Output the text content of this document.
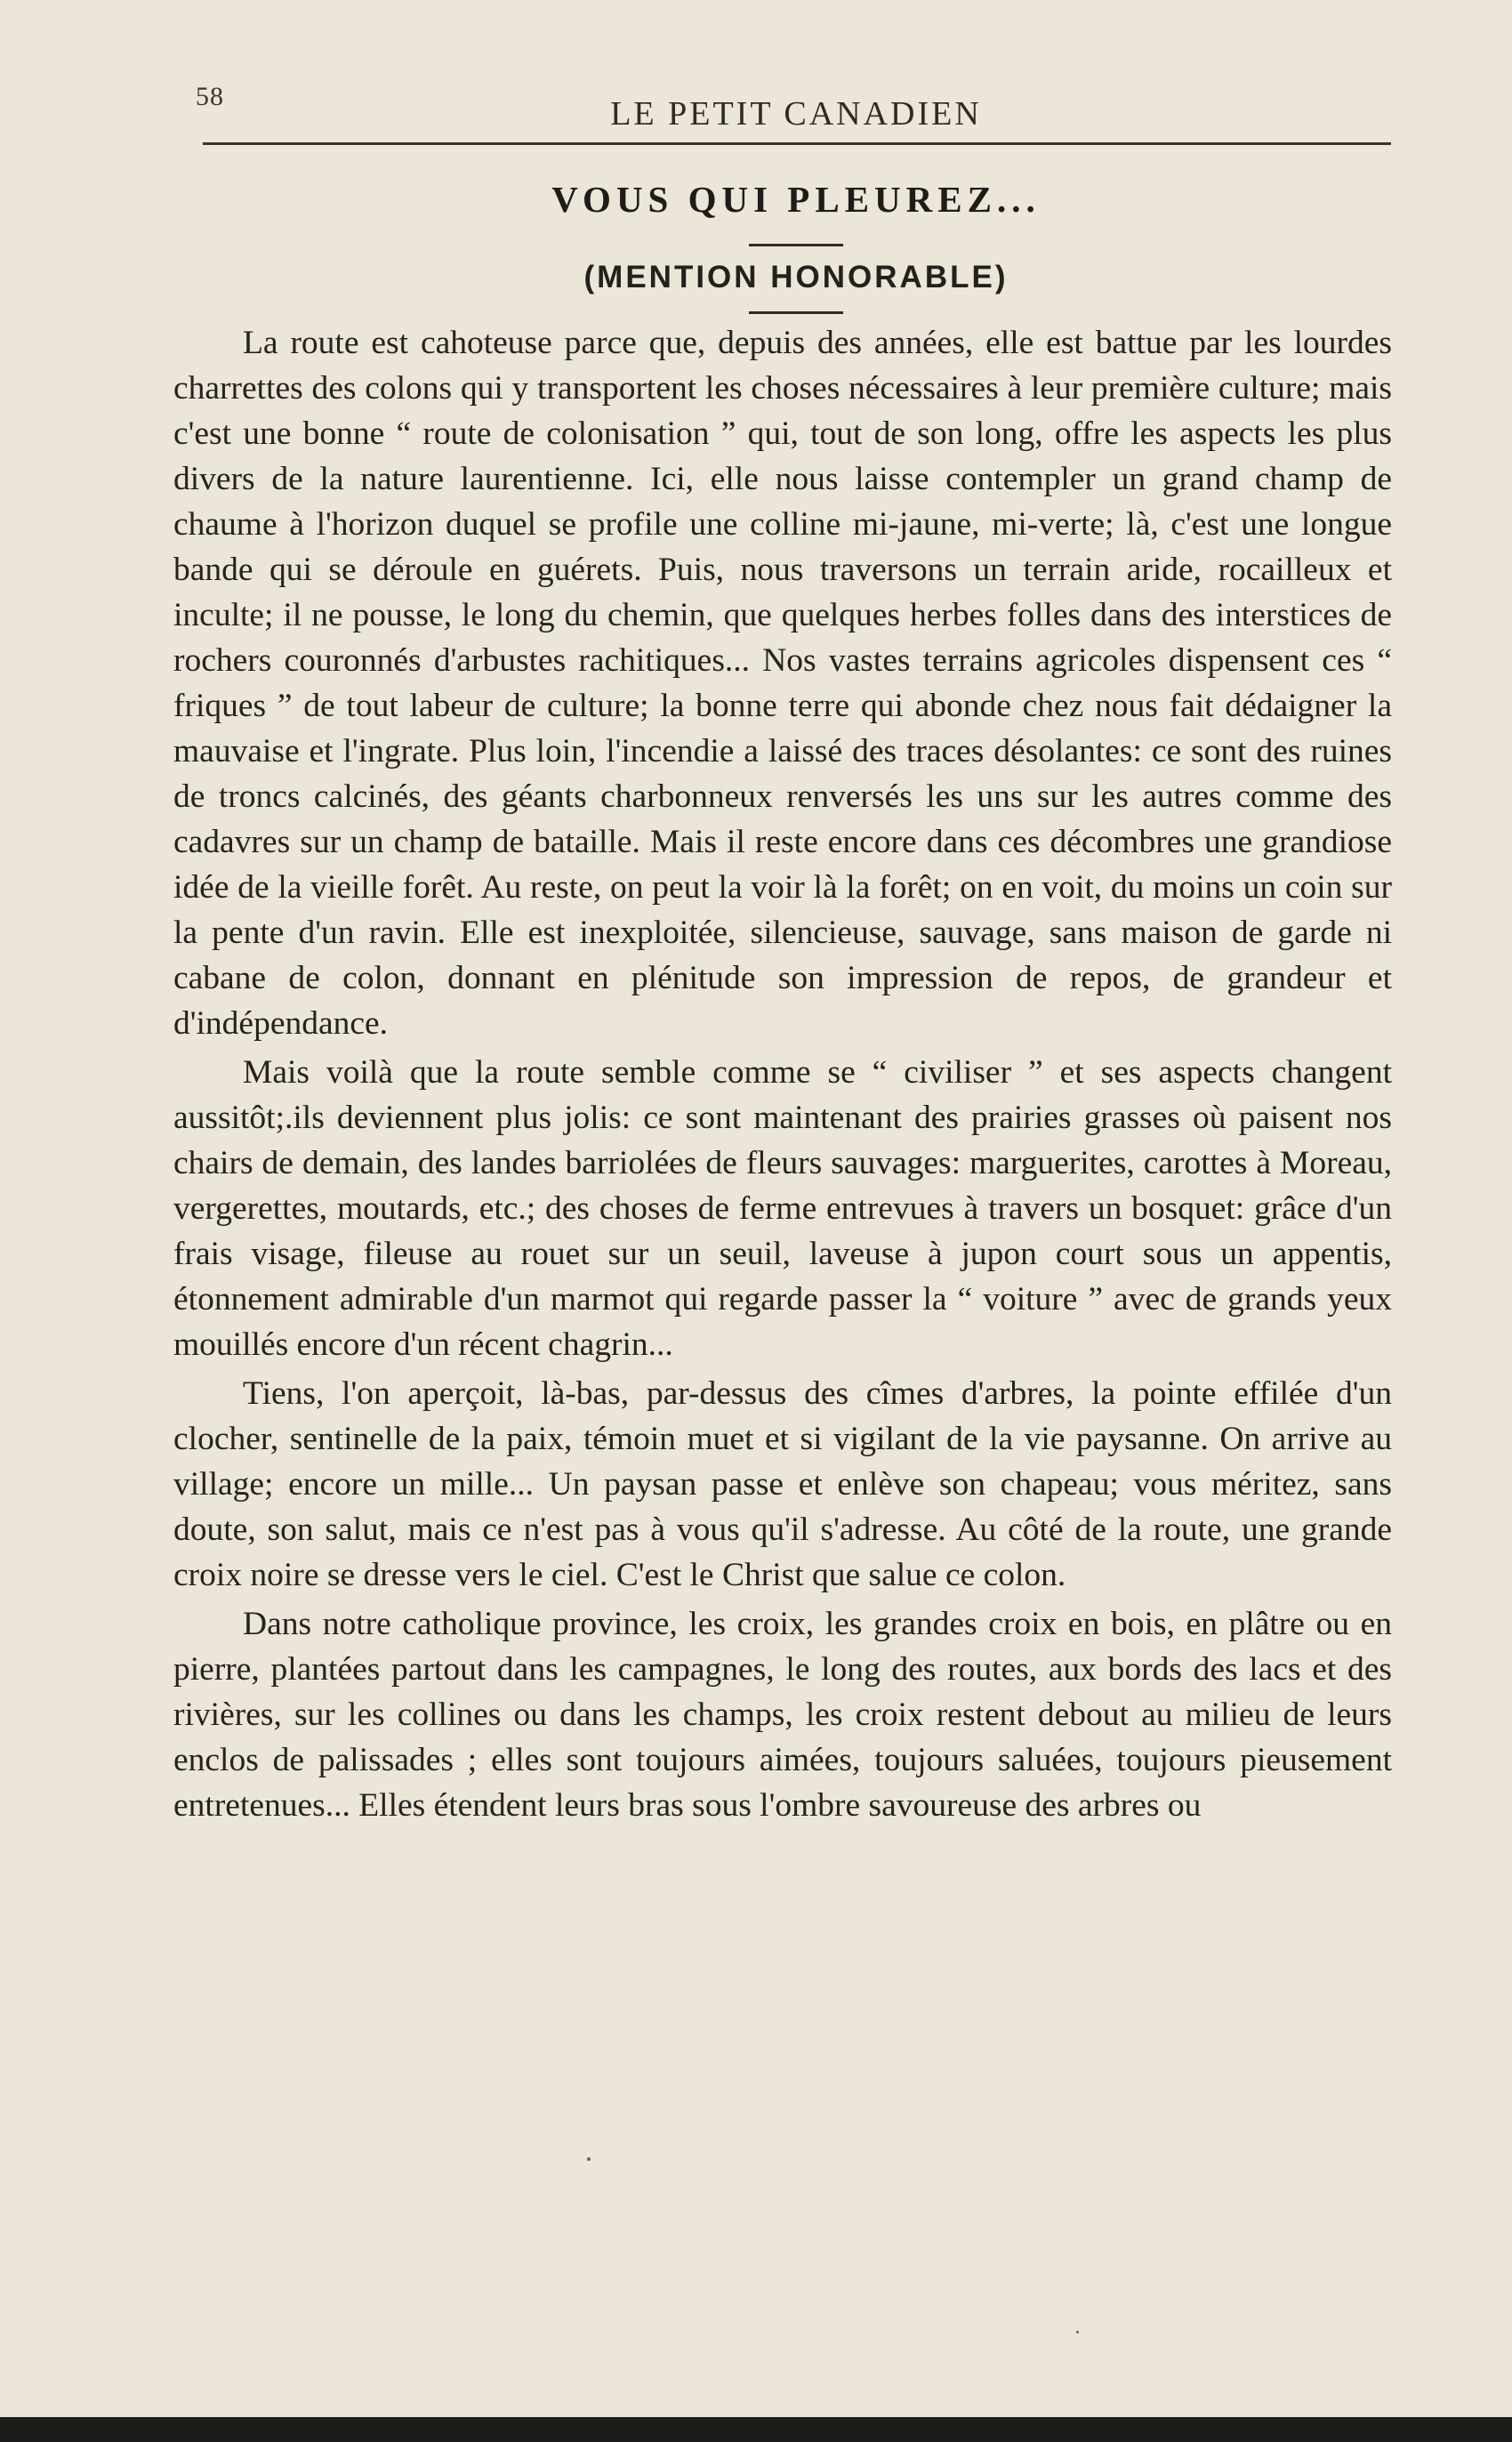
58	LE PETIT CANADIEN
VOUS QUI PLEUREZ...
(MENTION HONORABLE)

La route est cahoteuse parce que, depuis des années, elle est battue par les lourdes charrettes des colons qui y transportent les choses nécessaires à leur première culture; mais c'est une bonne “ route de colonisation ” qui, tout de son long, offre les aspects les plus divers de la nature laurentienne. Ici, elle nous laisse contempler un grand champ de chaume à l'horizon duquel se profile une colline mi-jaune, mi-verte; là, c'est une longue bande qui se déroule en guérets. Puis, nous traversons un terrain aride, rocailleux et inculte; il ne pousse, le long du chemin, que quelques herbes folles dans des interstices de rochers couronnés d'arbustes rachitiques... Nos vastes terrains agricoles dispensent ces “ friques ” de tout labeur de culture; la bonne terre qui abonde chez nous fait dédaigner la mauvaise et l'ingrate. Plus loin, l'incendie a laissé des traces désolantes: ce sont des ruines de troncs calcinés, des géants charbonneux renversés les uns sur les autres comme des cadavres sur un champ de bataille. Mais il reste encore dans ces décombres une grandiose idée de la vieille forêt. Au reste, on peut la voir là la forêt; on en voit, du moins un coin sur la pente d'un ravin. Elle est inexploitée, silencieuse, sauvage, sans maison de garde ni cabane de colon, donnant en plénitude son impression de repos, de grandeur et d'indépendance.

Mais voilà que la route semble comme se “ civiliser ” et ses aspects changent aussitôt;.ils deviennent plus jolis: ce sont maintenant des prairies grasses où paisent nos chairs de demain, des landes barriolées de fleurs sauvages: marguerites, carottes à Moreau, vergerettes, moutards, etc.; des choses de ferme entrevues à travers un bosquet: grâce d'un frais visage, fileuse au rouet sur un seuil, laveuse à jupon court sous un appentis, étonnement admirable d'un marmot qui regarde passer la “ voiture ” avec de grands yeux mouillés encore d'un récent chagrin...

Tiens, l'on aperçoit, là-bas, par-dessus des cîmes d'arbres, la pointe effilée d'un clocher, sentinelle de la paix, témoin muet et si vigilant de la vie paysanne. On arrive au village; encore un mille... Un paysan passe et enlève son chapeau; vous méritez, sans doute, son salut, mais ce n'est pas à vous qu'il s'adresse. Au côté de la route, une grande croix noire se dresse vers le ciel. C'est le Christ que salue ce colon.

Dans notre catholique province, les croix, les grandes croix en bois, en plâtre ou en pierre, plantées partout dans les campagnes, le long des routes, aux bords des lacs et des rivières, sur les collines ou dans les champs, les croix restent debout au milieu de leurs enclos de palissades ; elles sont toujours aimées, toujours saluées, toujours pieusement entretenues... Elles étendent leurs bras sous l'ombre savoureuse des arbres ou
